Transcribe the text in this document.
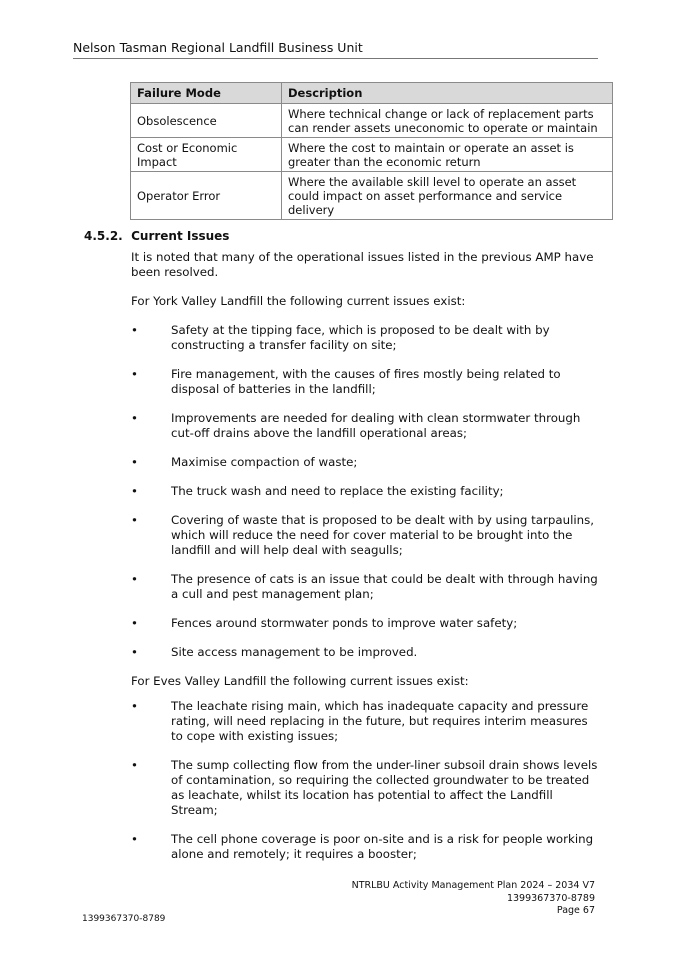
Nelson Tasman Regional Landfill Business Unit
Failure Mode	Description
Obsolescence	Where technical change or lack of replacement parts can render assets uneconomic to operate or maintain
Cost or Economic Impact	Where the cost to maintain or operate an asset is greater than the economic return
Operator Error	Where the available skill level to operate an asset could impact on asset performance and service delivery
4.5.2. Current Issues

It is noted that many of the operational issues listed in the previous AMP have been resolved.

For York Valley Landfill the following current issues exist:

•	Safety at the tipping face, which is proposed to be dealt with by constructing a transfer facility on site;
•	Fire management, with the causes of fires mostly being related to disposal of batteries in the landfill;
•	Improvements are needed for dealing with clean stormwater through cut-off drains above the landfill operational areas;
•	Maximise compaction of waste;
•	The truck wash and need to replace the existing facility;
•	Covering of waste that is proposed to be dealt with by using tarpaulins, which will reduce the need for cover material to be brought into the landfill and will help deal with seagulls;
•	The presence of cats is an issue that could be dealt with through having a cull and pest management plan;
•	Fences around stormwater ponds to improve water safety;
•	Site access management to be improved.

For Eves Valley Landfill the following current issues exist:

•	The leachate rising main, which has inadequate capacity and pressure rating, will need replacing in the future, but requires interim measures to cope with existing issues;
•	The sump collecting flow from the under-liner subsoil drain shows levels of contamination, so requiring the collected groundwater to be treated as leachate, whilst its location has potential to affect the Landfill Stream;
•	The cell phone coverage is poor on-site and is a risk for people working alone and remotely; it requires a booster;
NTRLBU Activity Management Plan 2024 – 2034 V7
1399367370-8789
Page 67
1399367370-8789
